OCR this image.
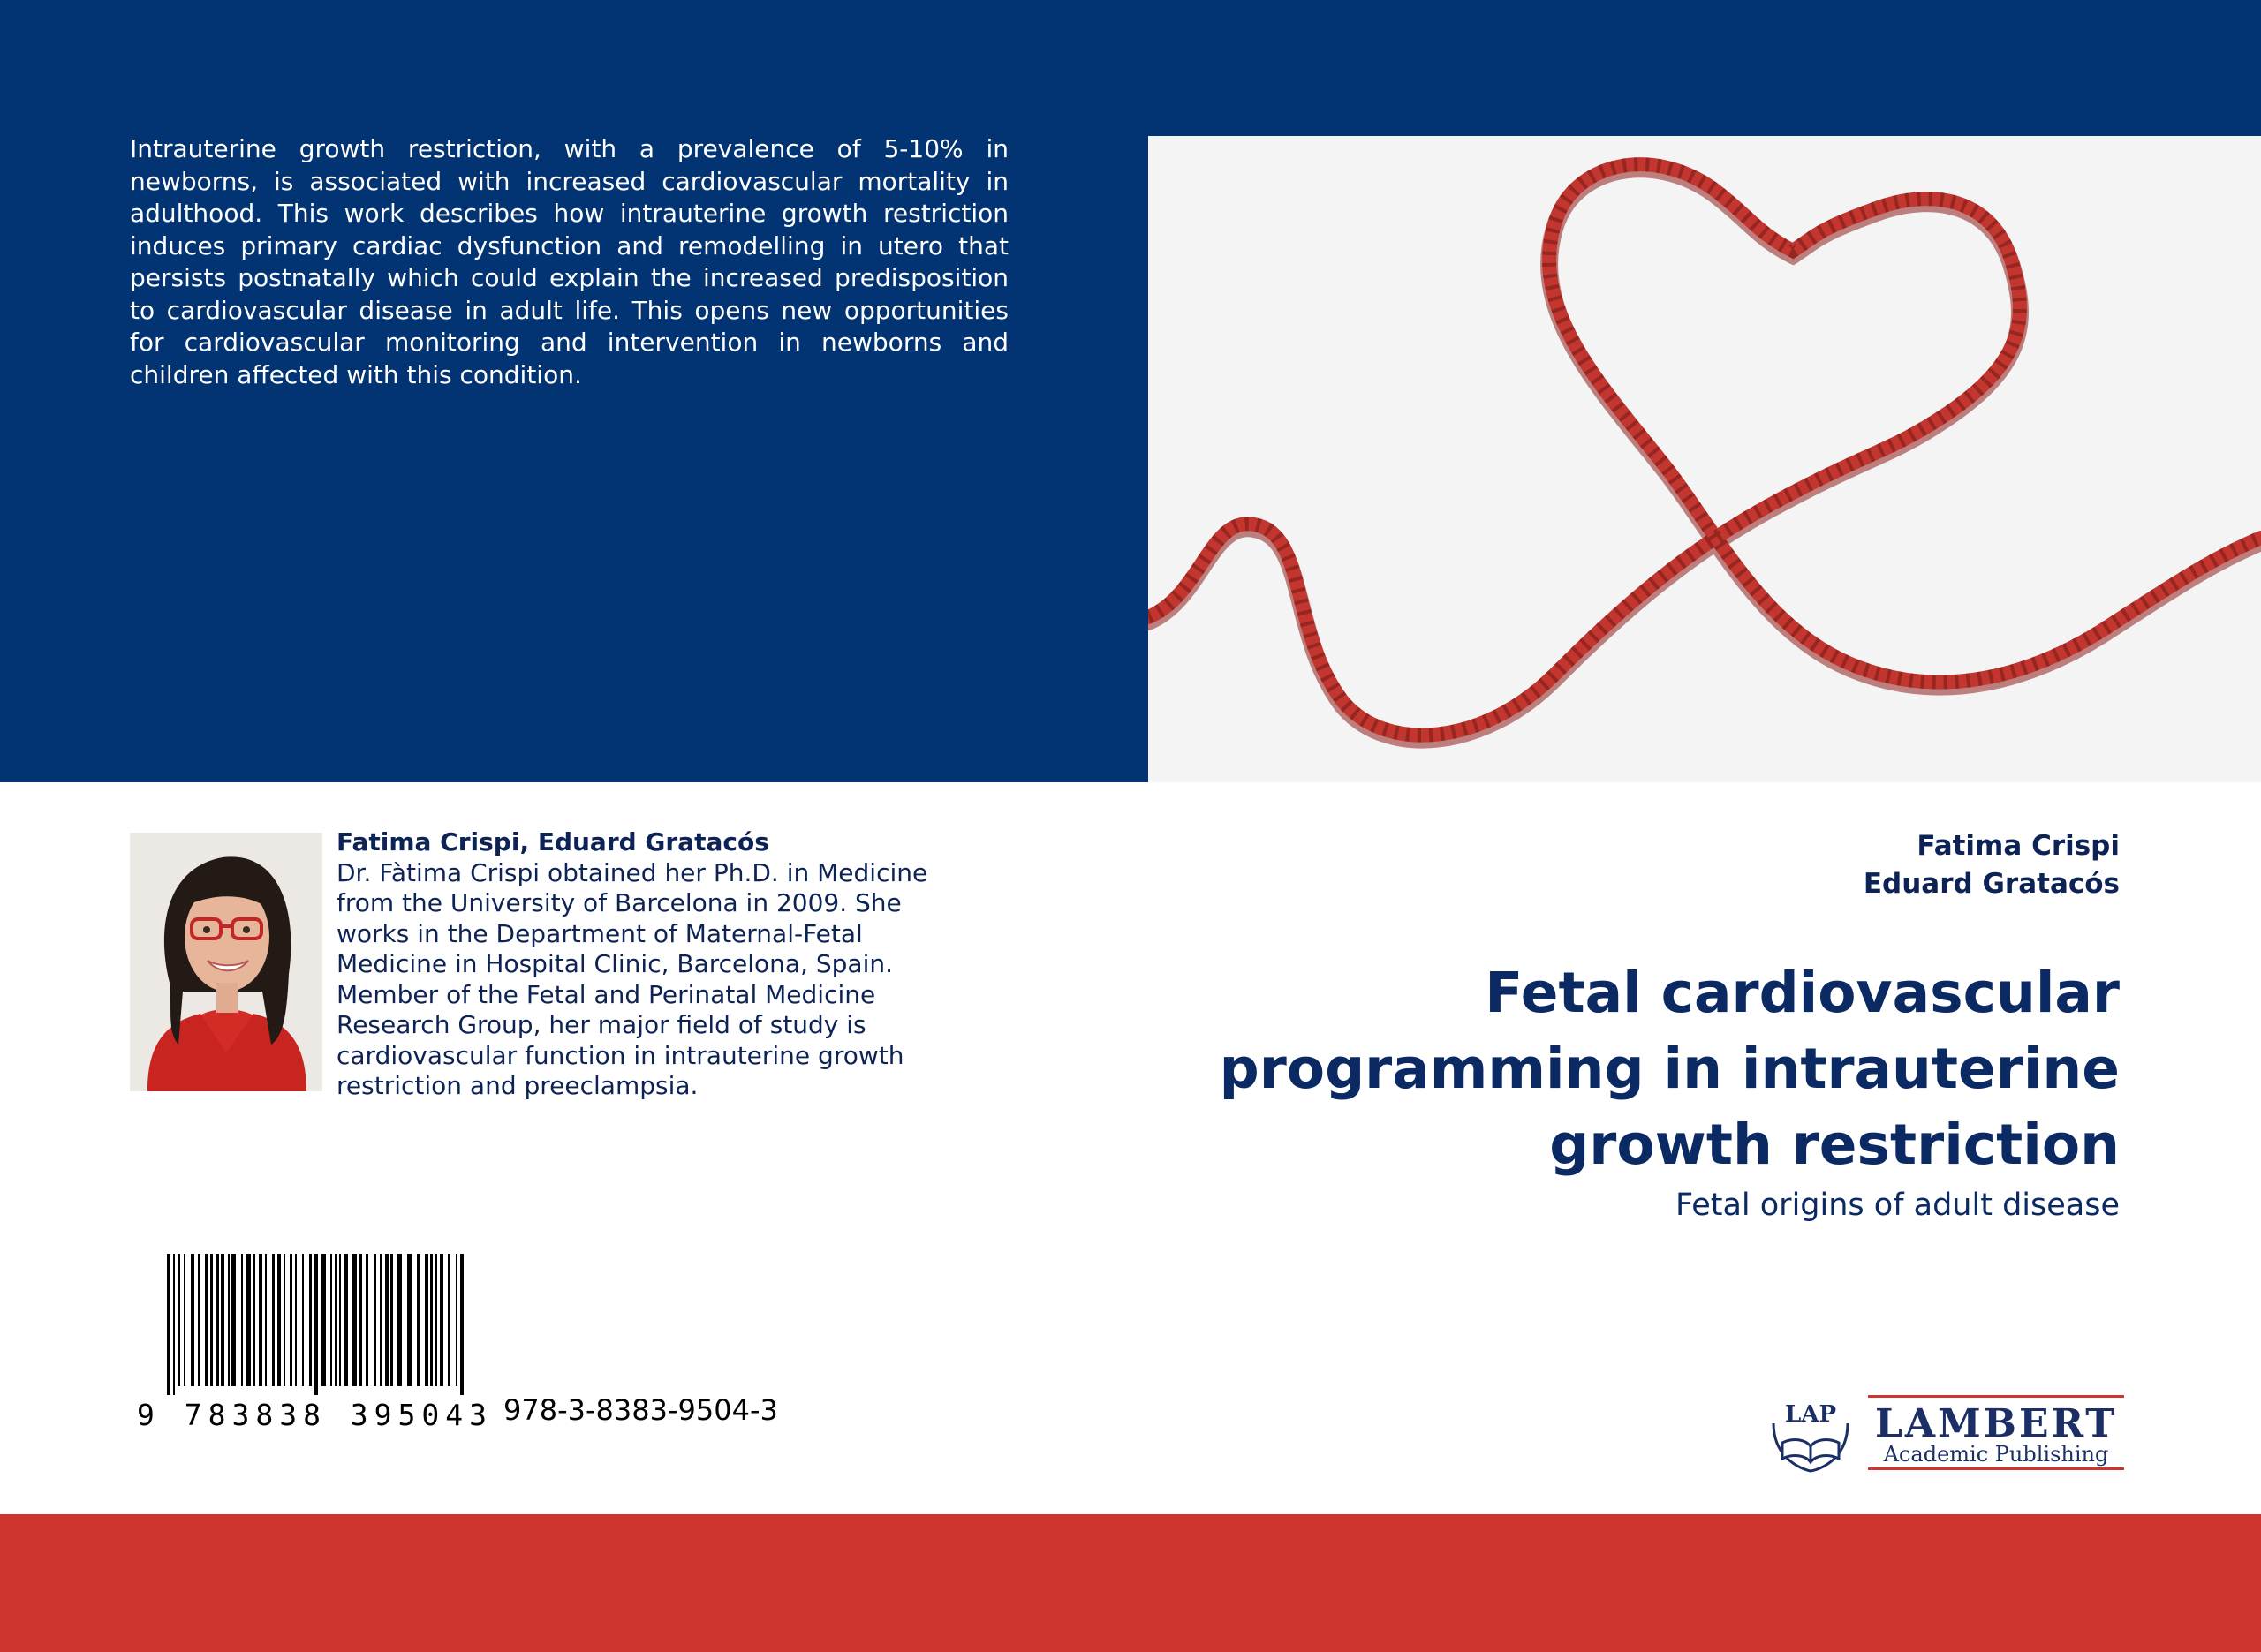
Intrauterine growth restriction, with a prevalence of 5-10% in newborns, is associated with increased cardiovascular mortality in adulthood. This work describes how intrauterine growth restriction induces primary cardiac dysfunction and remodelling in utero that persists postnatally which could explain the increased predisposition to cardiovascular disease in adult life. This opens new opportunities for cardiovascular monitoring and intervention in newborns and children affected with this condition.

Fatima Crispi, Eduard Gratacós
Dr. Fàtima Crispi obtained her Ph.D. in Medicine from the University of Barcelona in 2009. She works in the Department of Maternal-Fetal Medicine in Hospital Clinic, Barcelona, Spain. Member of the Fetal and Perinatal Medicine Research Group, her major field of study is cardiovascular function in intrauterine growth restriction and preeclampsia.
Fatima Crispi
Eduard Gratacós
Fetal cardiovascular
programming in intrauterine
growth restriction
Fetal origins of adult disease
9 783838 395043 978-3-8383-9504-3	LAP LAMBERT
Academic Publishing
